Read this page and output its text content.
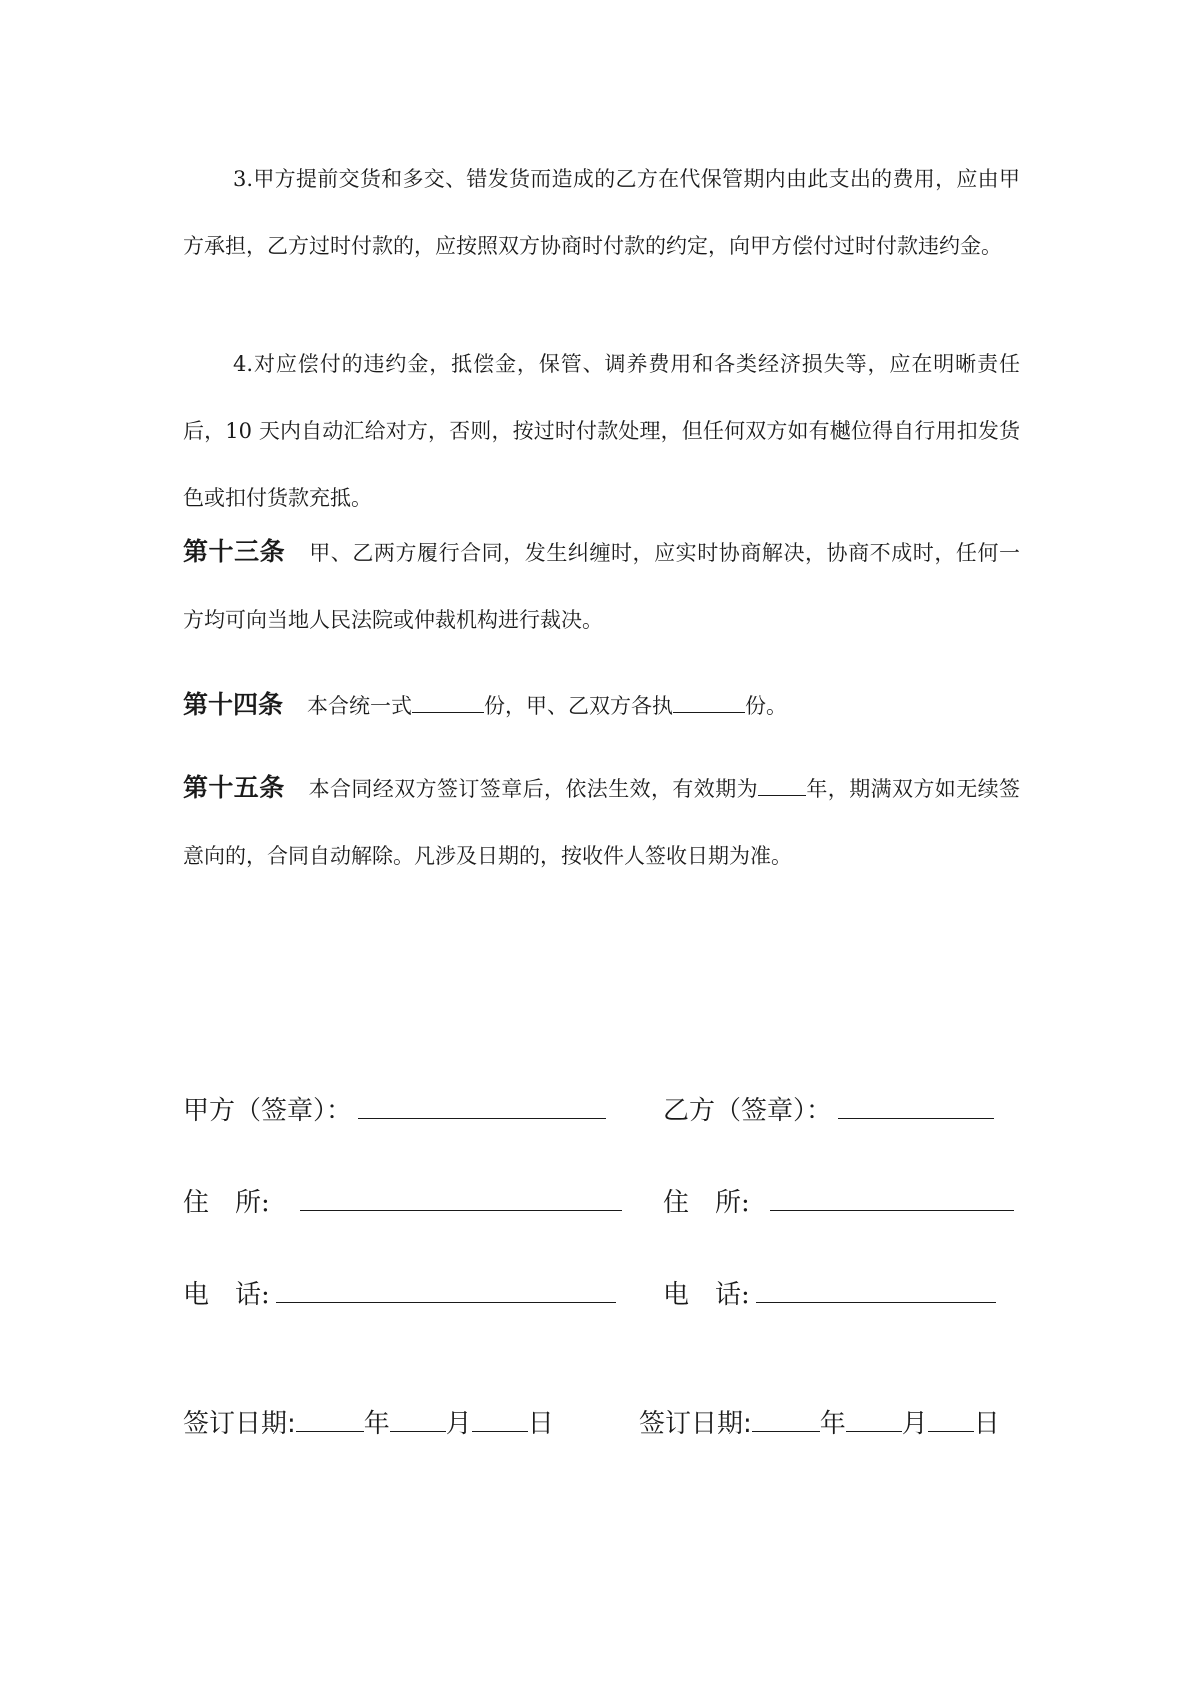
3.甲方提前交货和多交、错发货而造成的乙方在代保管期内由此支出的费用，应由甲方承担，乙方过时付款的，应按照双方协商时付款的约定，向甲方偿付过时付款违约金。

4.对应偿付的违约金，抵偿金，保管、调养费用和各类经济损失等，应在明晰责任后，10 天内自动汇给对方，否则，按过时付款处理，但任何双方如有樾位得自行用扣发货色或扣付货款充抵。

第十三条 甲、乙两方履行合同，发生纠缠时，应实时协商解决，协商不成时，任何一方均可向当地人民法院或仲裁机构进行裁决。

第十四条 本合统一式	份，甲、乙双方各执	份。

第十五条 本合同经双方签订签章后，依法生效，有效期为 年，期满双方如无续签意向的，合同自动解除。凡涉及日期的，按收件人签收日期为准。

甲方（签章）：	乙方（签章）：
住　所:	住　所:
电　话:	电　话:
签订日期:	年 月 日	签订日期:	年 月 日
